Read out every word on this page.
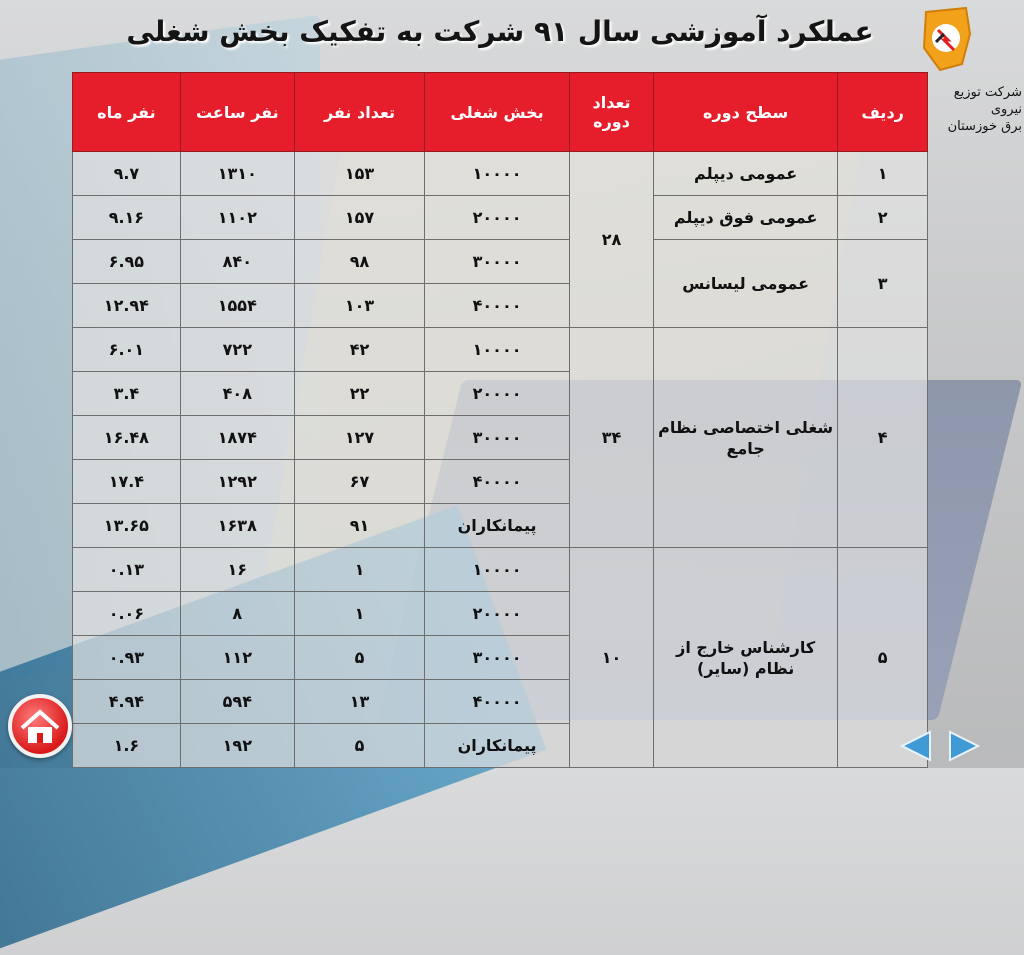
عملکرد آموزشی سال ۹۱ شرکت به تفکیک بخش شغلی
شرکت توزیع نیروی
برق خوزستان
ردیف	سطح دوره	تعداد دوره	بخش شغلی	تعداد نفر	نفر ساعت	نفر ماه
۱	عمومی دیپلم	۲۸	۱۰۰۰۰	۱۵۳	۱۳۱۰	۹.۷
۲	عمومی فوق دیپلم		۲۰۰۰۰	۱۵۷	۱۱۰۲	۹.۱۶
۳	عمومی لیسانس		۳۰۰۰۰	۹۸	۸۴۰	۶.۹۵
			۴۰۰۰۰	۱۰۳	۱۵۵۴	۱۲.۹۴
۴	شغلی اختصاصی نظام جامع	۳۴	۱۰۰۰۰	۴۲	۷۲۲	۶.۰۱
			۲۰۰۰۰	۲۲	۴۰۸	۳.۴
			۳۰۰۰۰	۱۲۷	۱۸۷۴	۱۶.۴۸
			۴۰۰۰۰	۶۷	۱۲۹۲	۱۷.۴
			پیمانکاران	۹۱	۱۶۳۸	۱۳.۶۵
۵	کارشناس خارج از نظام (سایر)	۱۰	۱۰۰۰۰	۱	۱۶	۰.۱۳
			۲۰۰۰۰	۱	۸	۰.۰۶
			۳۰۰۰۰	۵	۱۱۲	۰.۹۳
			۴۰۰۰۰	۱۳	۵۹۴	۴.۹۴
			پیمانکاران	۵	۱۹۲	۱.۶
